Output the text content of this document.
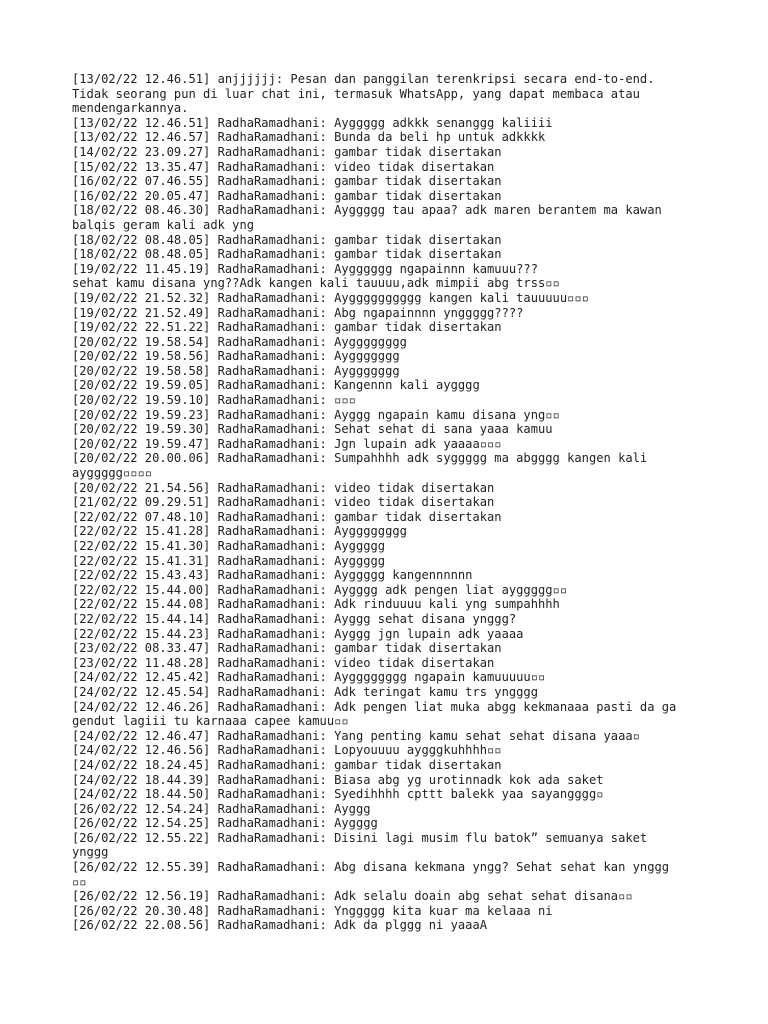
[13/02/22 12.46.51] anjjjjjj: Pesan dan panggilan terenkripsi secara end-to-end.
Tidak seorang pun di luar chat ini, termasuk WhatsApp, yang dapat membaca atau
mendengarkannya.
[13/02/22 12.46.51] RadhaRamadhani: Ayggggg adkkk senanggg kaliiii
[13/02/22 12.46.57] RadhaRamadhani: Bunda da beli hp untuk adkkkk
[14/02/22 23.09.27] RadhaRamadhani: gambar tidak disertakan
[15/02/22 13.35.47] RadhaRamadhani: video tidak disertakan
[16/02/22 07.46.55] RadhaRamadhani: gambar tidak disertakan
[16/02/22 20.05.47] RadhaRamadhani: gambar tidak disertakan
[18/02/22 08.46.30] RadhaRamadhani: Ayggggg tau apaa? adk maren berantem ma kawan
balqis geram kali adk yng
[18/02/22 08.48.05] RadhaRamadhani: gambar tidak disertakan
[18/02/22 08.48.05] RadhaRamadhani: gambar tidak disertakan
[19/02/22 11.45.19] RadhaRamadhani: Aygggggg ngapainnn kamuuu???
sehat kamu disana yng??Adk kangen kali tauuuu,adk mimpii abg trss▫▫
[19/02/22 21.52.32] RadhaRamadhani: Aygggggggggg kangen kali tauuuuu▫▫▫
[19/02/22 21.52.49] RadhaRamadhani: Abg ngapainnnn ynggggg????
[19/02/22 22.51.22] RadhaRamadhani: gambar tidak disertakan
[20/02/22 19.58.54] RadhaRamadhani: Aygggggggg
[20/02/22 19.58.56] RadhaRamadhani: Ayggggggg
[20/02/22 19.58.58] RadhaRamadhani: Ayggggggg
[20/02/22 19.59.05] RadhaRamadhani: Kangennn kali aygggg
[20/02/22 19.59.10] RadhaRamadhani: ▫▫▫
[20/02/22 19.59.23] RadhaRamadhani: Ayggg ngapain kamu disana yng▫▫
[20/02/22 19.59.30] RadhaRamadhani: Sehat sehat di sana yaaa kamuu
[20/02/22 19.59.47] RadhaRamadhani: Jgn lupain adk yaaaa▫▫▫
[20/02/22 20.00.06] RadhaRamadhani: Sumpahhhh adk syggggg ma abgggg kangen kali
ayggggg▫▫▫▫
[20/02/22 21.54.56] RadhaRamadhani: video tidak disertakan
[21/02/22 09.29.51] RadhaRamadhani: video tidak disertakan
[22/02/22 07.48.10] RadhaRamadhani: gambar tidak disertakan
[22/02/22 15.41.28] RadhaRamadhani: Aygggggggg
[22/02/22 15.41.30] RadhaRamadhani: Ayggggg
[22/02/22 15.41.31] RadhaRamadhani: Ayggggg
[22/02/22 15.43.43] RadhaRamadhani: Ayggggg kangennnnnn
[22/02/22 15.44.00] RadhaRamadhani: Aygggg adk pengen liat ayggggg▫▫
[22/02/22 15.44.08] RadhaRamadhani: Adk rinduuuu kali yng sumpahhhh
[22/02/22 15.44.14] RadhaRamadhani: Ayggg sehat disana ynggg?
[22/02/22 15.44.23] RadhaRamadhani: Ayggg jgn lupain adk yaaaa
[23/02/22 08.33.47] RadhaRamadhani: gambar tidak disertakan
[23/02/22 11.48.28] RadhaRamadhani: video tidak disertakan
[24/02/22 12.45.42] RadhaRamadhani: Aygggggggg ngapain kamuuuuu▫▫
[24/02/22 12.45.54] RadhaRamadhani: Adk teringat kamu trs yngggg
[24/02/22 12.46.26] RadhaRamadhani: Adk pengen liat muka abgg kekmanaaa pasti da ga
gendut lagiii tu karnaaa capee kamuu▫▫
[24/02/22 12.46.47] RadhaRamadhani: Yang penting kamu sehat sehat disana yaaa▫
[24/02/22 12.46.56] RadhaRamadhani: Lopyouuuu aygggkuhhhh▫▫
[24/02/22 18.24.45] RadhaRamadhani: gambar tidak disertakan
[24/02/22 18.44.39] RadhaRamadhani: Biasa abg yg urotinnadk kok ada saket
[24/02/22 18.44.50] RadhaRamadhani: Syedihhhh cpttt balekk yaa sayangggg▫
[26/02/22 12.54.24] RadhaRamadhani: Ayggg
[26/02/22 12.54.25] RadhaRamadhani: Aygggg
[26/02/22 12.55.22] RadhaRamadhani: Disini lagi musim flu batok” semuanya saket
ynggg
[26/02/22 12.55.39] RadhaRamadhani: Abg disana kekmana yngg? Sehat sehat kan ynggg
▫▫
[26/02/22 12.56.19] RadhaRamadhani: Adk selalu doain abg sehat sehat disana▫▫
[26/02/22 20.30.48] RadhaRamadhani: Ynggggg kita kuar ma kelaaa ni
[26/02/22 22.08.56] RadhaRamadhani: Adk da plggg ni yaaaA
